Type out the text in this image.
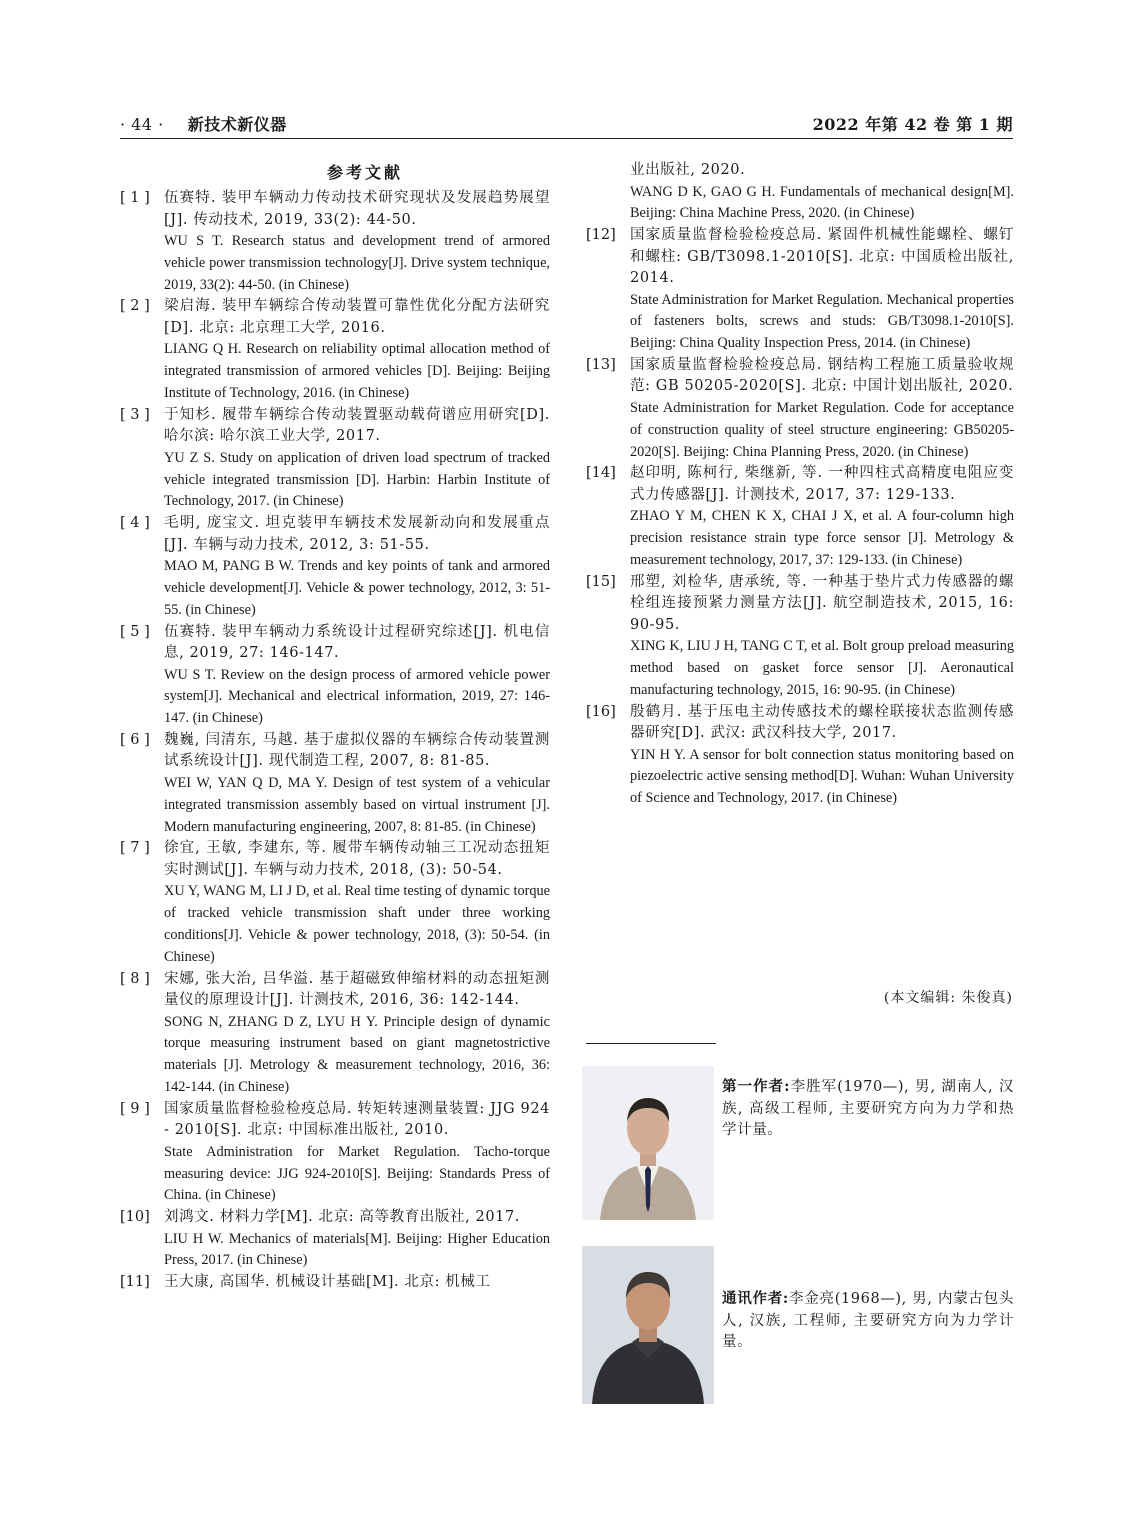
· 44 · 新技术新仪器	2022 年第 42 卷 第 1 期
参考文献
[ 1 ] 伍赛特. 装甲车辆动力传动技术研究现状及发展趋势展望[J]. 传动技术, 2019, 33(2): 44-50.

WU S T. Research status and development trend of armored vehicle power transmission technology[J]. Drive system technique, 2019, 33(2): 44-50. (in Chinese)

[ 2 ] 梁启海. 装甲车辆综合传动装置可靠性优化分配方法研究[D]. 北京: 北京理工大学, 2016.

LIANG Q H. Research on reliability optimal allocation method of integrated transmission of armored vehicles [D]. Beijing: Beijing Institute of Technology, 2016. (in Chinese)

[ 3 ] 于知杉. 履带车辆综合传动装置驱动载荷谱应用研究[D]. 哈尔滨: 哈尔滨工业大学, 2017.

YU Z S. Study on application of driven load spectrum of tracked vehicle integrated transmission [D]. Harbin: Harbin Institute of Technology, 2017. (in Chinese)

[ 4 ] 毛明, 庞宝文. 坦克装甲车辆技术发展新动向和发展重点[J]. 车辆与动力技术, 2012, 3: 51-55.

MAO M, PANG B W. Trends and key points of tank and armored vehicle development[J]. Vehicle & power technology, 2012, 3: 51-55. (in Chinese)

[ 5 ] 伍赛特. 装甲车辆动力系统设计过程研究综述[J]. 机电信息, 2019, 27: 146-147.

WU S T. Review on the design process of armored vehicle power system[J]. Mechanical and electrical information, 2019, 27: 146-147. (in Chinese)

[ 6 ] 魏巍, 闫清东, 马越. 基于虚拟仪器的车辆综合传动装置测试系统设计[J]. 现代制造工程, 2007, 8: 81-85.

WEI W, YAN Q D, MA Y. Design of test system of a vehicular integrated transmission assembly based on virtual instrument [J]. Modern manufacturing engineering, 2007, 8: 81-85. (in Chinese)

[ 7 ] 徐宜, 王敏, 李建东, 等. 履带车辆传动轴三工况动态扭矩实时测试[J]. 车辆与动力技术, 2018, (3): 50-54.

XU Y, WANG M, LI J D, et al. Real time testing of dynamic torque of tracked vehicle transmission shaft under three working conditions[J]. Vehicle & power technology, 2018, (3): 50-54. (in Chinese)

[ 8 ] 宋娜, 张大治, 吕华溢. 基于超磁致伸缩材料的动态扭矩测量仪的原理设计[J]. 计测技术, 2016, 36: 142-144.

SONG N, ZHANG D Z, LYU H Y. Principle design of dynamic torque measuring instrument based on giant magnetostrictive materials [J]. Metrology & measurement technology, 2016, 36: 142-144. (in Chinese)

[ 9 ] 国家质量监督检验检疫总局. 转矩转速测量装置: JJG 924 - 2010[S]. 北京: 中国标准出版社, 2010.

State Administration for Market Regulation. Tacho-torque measuring device: JJG 924-2010[S]. Beijing: Standards Press of China. (in Chinese)

[10] 刘鸿文. 材料力学[M]. 北京: 高等教育出版社, 2017.

LIU H W. Mechanics of materials[M]. Beijing: Higher Education Press, 2017. (in Chinese)

[11] 王大康, 高国华. 机械设计基础[M]. 北京: 机械工

业出版社, 2020.

WANG D K, GAO G H. Fundamentals of mechanical design[M]. Beijing: China Machine Press, 2020. (in Chinese)

[12] 国家质量监督检验检疫总局. 紧固件机械性能螺栓、螺钉和螺柱: GB/T3098.1-2010[S]. 北京: 中国质检出版社, 2014.

State Administration for Market Regulation. Mechanical properties of fasteners bolts, screws and studs: GB/T3098.1-2010[S]. Beijing: China Quality Inspection Press, 2014. (in Chinese)

[13] 国家质量监督检验检疫总局. 钢结构工程施工质量验收规范: GB 50205-2020[S]. 北京: 中国计划出版社, 2020.

State Administration for Market Regulation. Code for acceptance of construction quality of steel structure engineering: GB50205-2020[S]. Beijing: China Planning Press, 2020. (in Chinese)

[14] 赵印明, 陈柯行, 柴继新, 等. 一种四柱式高精度电阻应变式力传感器[J]. 计测技术, 2017, 37: 129-133.

ZHAO Y M, CHEN K X, CHAI J X, et al. A four-column high precision resistance strain type force sensor [J]. Metrology & measurement technology, 2017, 37: 129-133. (in Chinese)

[15] 邢塑, 刘检华, 唐承统, 等. 一种基于垫片式力传感器的螺栓组连接预紧力测量方法[J]. 航空制造技术, 2015, 16: 90-95.

XING K, LIU J H, TANG C T, et al. Bolt group preload measuring method based on gasket force sensor [J]. Aeronautical manufacturing technology, 2015, 16: 90-95. (in Chinese)

[16] 殷鹤月. 基于压电主动传感技术的螺栓联接状态监测传感器研究[D]. 武汉: 武汉科技大学, 2017.

YIN H Y. A sensor for bolt connection status monitoring based on piezoelectric active sensing method[D]. Wuhan: Wuhan University of Science and Technology, 2017. (in Chinese)

(本文编辑: 朱俊真)
第一作者:李胜军(1970—), 男, 湖南人, 汉族, 高级工程师, 主要研究方向为力学和热学计量。
通讯作者:李金亮(1968—), 男, 内蒙古包头人, 汉族, 工程师, 主要研究方向为力学计量。
